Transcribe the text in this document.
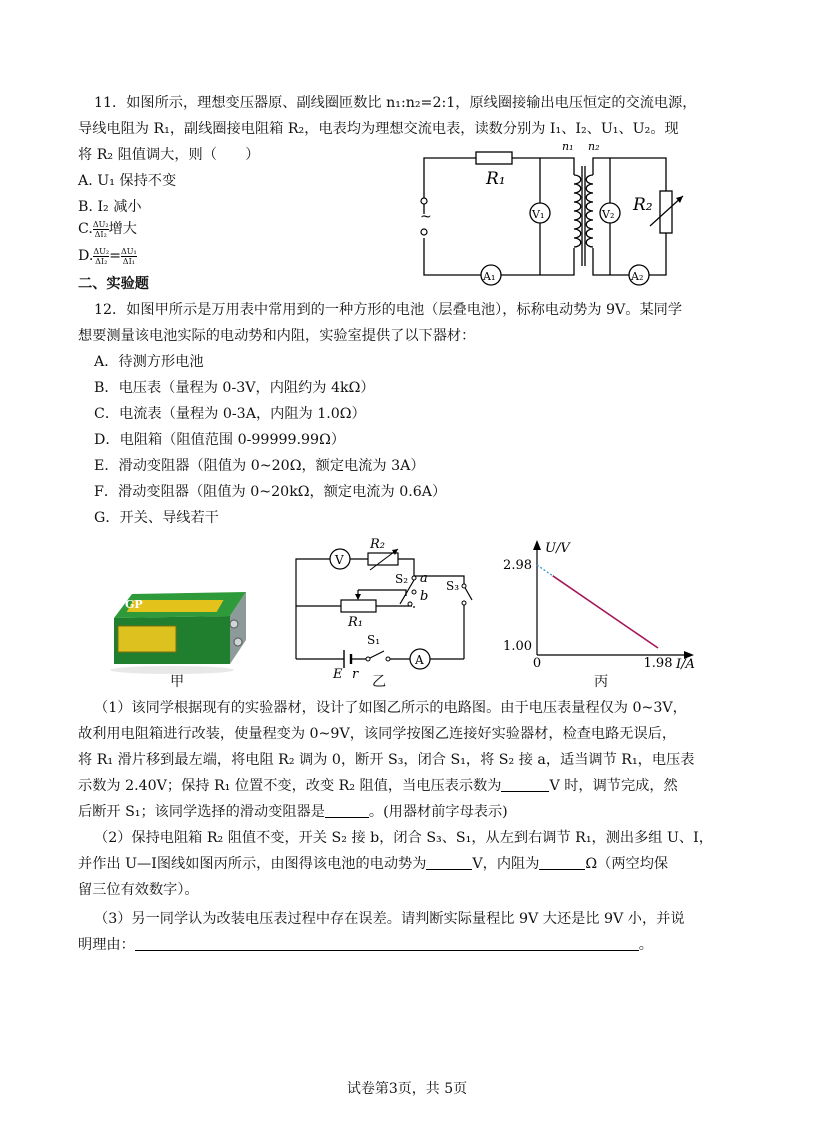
11．如图所示，理想变压器原、副线圈匝数比 n₁:n₂=2:1，原线圈接输出电压恒定的交流电源，
导线电阻为 R₁，副线圈接电阻箱 R₂，电表均为理想交流电表，读数分别为 I₁、I₂、U₁、U₂。现
将 R₂ 阻值调大，则（　　）
A. U₁ 保持不变
B. I₂ 减小
C. $\frac{\text{ΔU₂}}{\text{ΔI₂}}$ 增大
D. $\frac{\text{ΔU₂}}{\text{ΔI₂}} = \frac{\text{ΔU₁}}{\text{ΔI₁}}$
~	V₁	V₂
A₁	A₂
R₁
R₂
n₁ n₂
二、实验题
12．如图甲所示是万用表中常用到的一种方形的电池（层叠电池），标称电动势为 9V。某同学
想要测量该电池实际的电动势和内阻，实验室提供了以下器材：
A．待测方形电池
B．电压表（量程为 0-3V，内阻约为 4kΩ）
C．电流表（量程为 0-3A，内阻为 1.0Ω）
D．电阻箱（阻值范围 0-99999.99Ω）
E．滑动变阻器（阻值为 0~20Ω，额定电流为 3A）
F．滑动变阻器（阻值为 0~20kΩ，额定电流为 0.6A）
G．开关、导线若干
GP
甲
V
A
R₂
R₁
S₂ a
b
S₃
S₁
E r 乙
U/V
I/A
2.98
1.00
0	1.98
丙
（1）该同学根据现有的实验器材，设计了如图乙所示的电路图。由于电压表量程仅为 0~3V，
故利用电阻箱进行改装，使量程变为 0~9V，该同学按图乙连接好实验器材，检查电路无误后，
将 R₁ 滑片移到最左端，将电阻 R₂ 调为 0，断开 S₃，闭合 S₁，将 S₂ 接 a，适当调节 R₁，电压表
示数为 2.40V；保持 R₁ 位置不变，改变 R₂ 阻值，当电压表示数为	V 时，调节完成，然
后断开 S₁；该同学选择的滑动变阻器是	。(用器材前字母表示)
（2）保持电阻箱 R₂ 阻值不变，开关 S₂ 接 b，闭合 S₃、S₁，从左到右调节 R₁，测出多组 U、I，
并作出 U—I图线如图丙所示，由图得该电池的电动势为	V，内阻为	Ω（两空均保
留三位有效数字）。
（3）另一同学认为改装电压表过程中存在误差。请判断实际量程比 9V 大还是比 9V 小，并说
明理由：	。
试卷第3页，共 5页
